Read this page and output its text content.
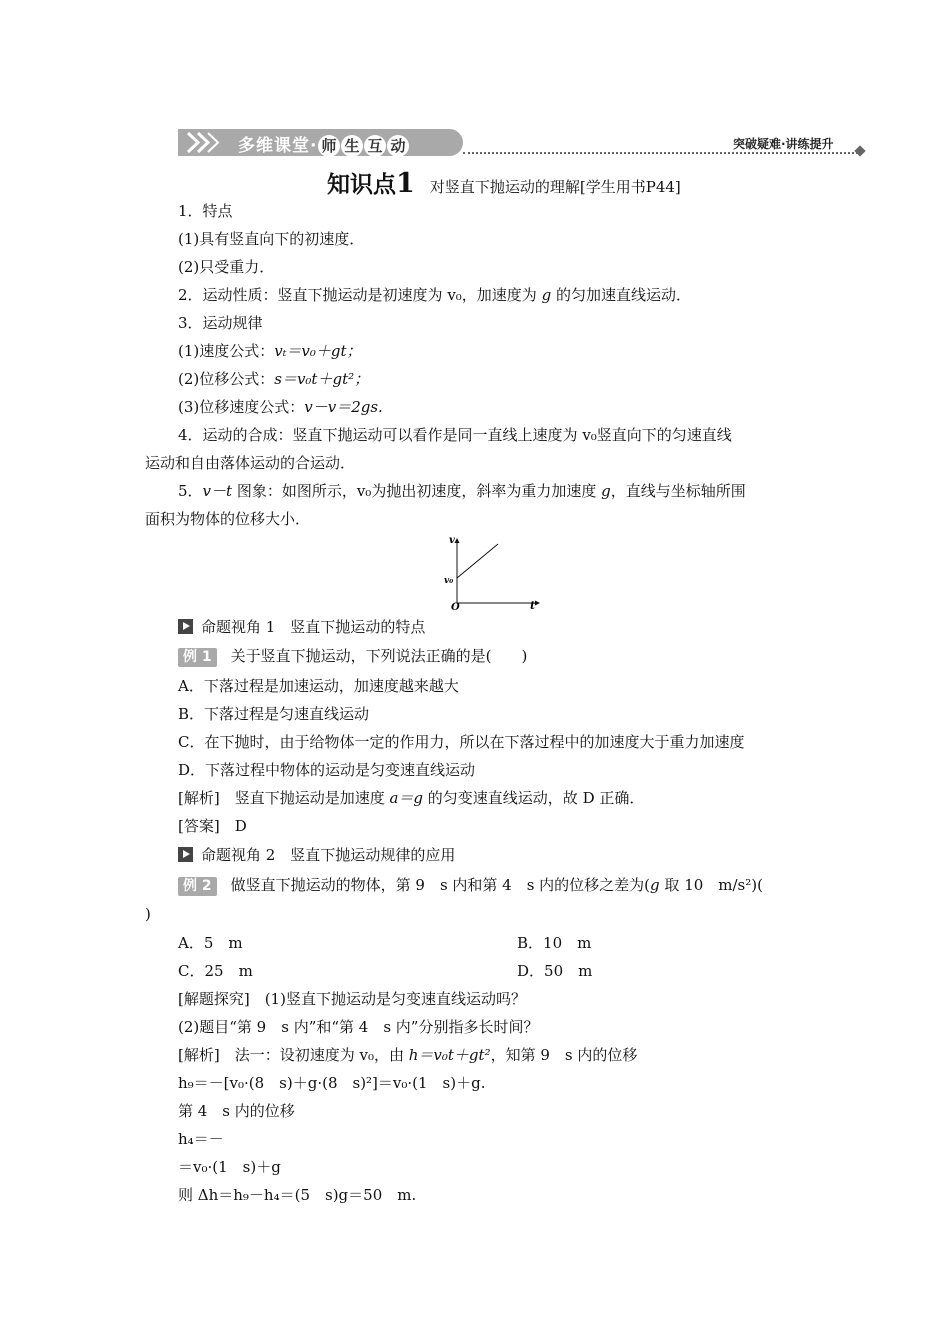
多维课堂· 师 生 互 动	突破疑难·讲练提升
知识点1 对竖直下抛运动的理解[学生用书P44]
1．特点
(1)具有竖直向下的初速度．
(2)只受重力．
2．运动性质：竖直下抛运动是初速度为 v₀，加速度为 g 的匀加速直线运动．
3．运动规律
(1)速度公式：vₜ＝v₀＋gt；
(2)位移公式：s＝v₀t＋gt²；
(3)位移速度公式：v－v＝2gs.
4．运动的合成：竖直下抛运动可以看作是同一直线上速度为 v₀竖直向下的匀速直线
运动和自由落体运动的合运动．
5．v－t 图象：如图所示，v₀为抛出初速度，斜率为重力加速度 g，直线与坐标轴所围
面积为物体的位移大小．
v
t
O
v₀
命题视角 1　竖直下抛运动的特点
例 1 关于竖直下抛运动，下列说法正确的是(　　)
A．下落过程是加速运动，加速度越来越大
B．下落过程是匀速直线运动
C．在下抛时，由于给物体一定的作用力，所以在下落过程中的加速度大于重力加速度
D．下落过程中物体的运动是匀变速直线运动
[解析]　竖直下抛运动是加速度 a＝g 的匀变速直线运动，故 D 正确．
[答案]　D
命题视角 2　竖直下抛运动规律的应用
例 2 做竖直下抛运动的物体，第 9　s 内和第 4　s 内的位移之差为(g 取 10　m/s²)(
)
A．5　m	B．10　m
C．25　m	D．50　m
[解题探究]　(1)竖直下抛运动是匀变速直线运动吗？
(2)题目“第 9　s 内”和“第 4　s 内”分别指多长时间？
[解析]　法一：设初速度为 v₀，由 h＝v₀t＋gt²，知第 9　s 内的位移
h₉＝－[v₀·(8　s)＋g·(8　s)²]＝v₀·(1　s)＋g.
第 4　s 内的位移
h₄＝－
＝v₀·(1　s)＋g
则 Δh＝h₉－h₄＝(5　s)g＝50　m.
